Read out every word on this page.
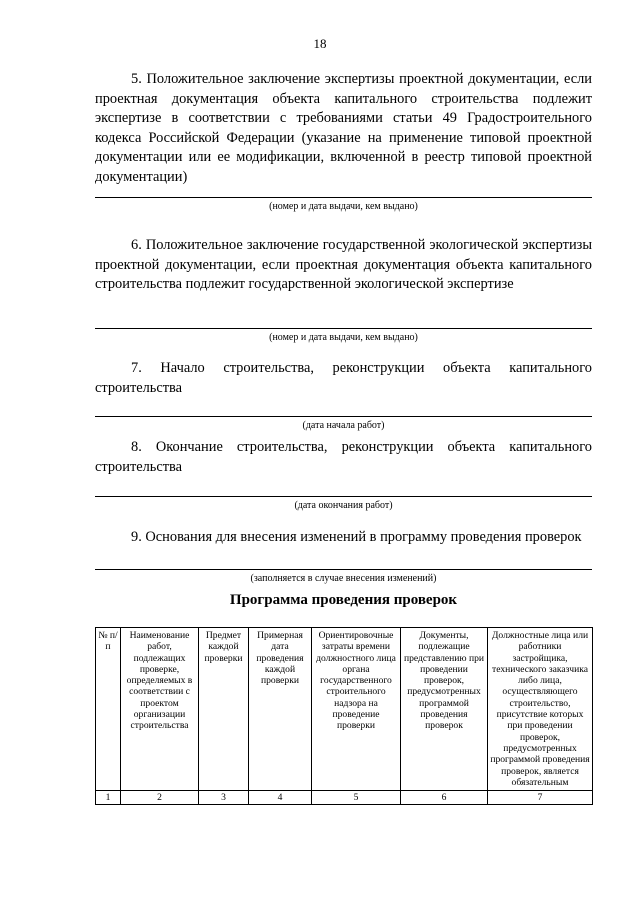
18
5. Положительное заключение экспертизы проектной документации, если проектная документация объекта капитального строительства подлежит экспертизе в соответствии с требованиями статьи 49 Градостроительного кодекса Российской Федерации (указание на применение типовой проектной документации или ее модификации, включенной в реестр типовой проектной документации)
(номер и дата выдачи, кем выдано)
6. Положительное заключение государственной экологической экспертизы проектной документации, если проектная документация объекта капитального строительства подлежит государственной экологической экспертизе
(номер и дата выдачи, кем выдано)
7. Начало строительства, реконструкции объекта капитального строительства
(дата начала работ)
8. Окончание строительства, реконструкции объекта капитального строительства
(дата окончания работ)
9. Основания для внесения изменений в программу проведения проверок
(заполняется в случае внесения изменений)
Программа проведения проверок
№ п/п	Наименование работ, подлежащих проверке, определяемых в соответствии с проектом организации строительства	Предмет каждой проверки	Примерная дата проведения каждой проверки	Ориентировочные затраты времени должностного лица органа государственного строительного надзора на проведение проверки	Документы, подлежащие представлению при проведении проверок, предусмотренных программой проведения проверок	Должностные лица или работники застройщика, технического заказчика либо лица, осуществляющего строительство, присутствие которых при проведении проверок, предусмотренных программой проведения проверок, является обязательным
1	2	3	4	5	6	7
